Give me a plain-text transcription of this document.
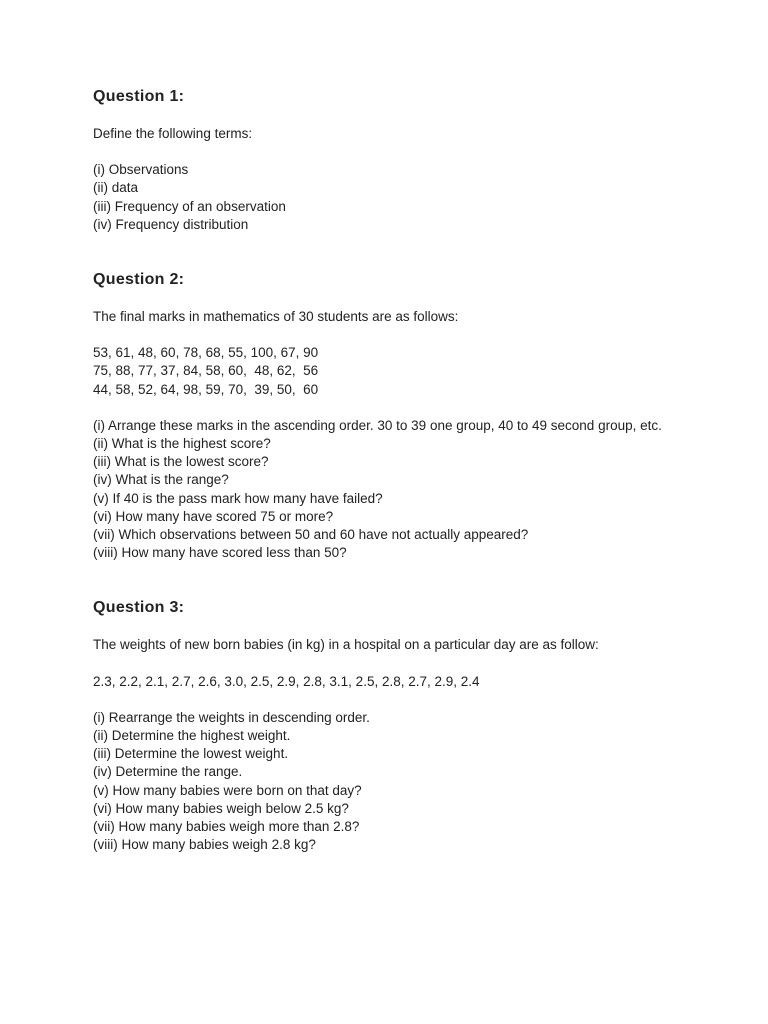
Question 1:

Define the following terms:

(i) Observations
(ii) data
(iii) Frequency of an observation
(iv) Frequency distribution
Question 2:

The final marks in mathematics of 30 students are as follows:

53, 61, 48, 60, 78, 68, 55, 100, 67, 90
75, 88, 77, 37, 84, 58, 60,  48, 62,  56
44, 58, 52, 64, 98, 59, 70,  39, 50,  60
(i) Arrange these marks in the ascending order. 30 to 39 one group, 40 to 49 second group, etc.
(ii) What is the highest score?
(iii) What is the lowest score?
(iv) What is the range?
(v) If 40 is the pass mark how many have failed?
(vi) How many have scored 75 or more?
(vii) Which observations between 50 and 60 have not actually appeared?
(viii) How many have scored less than 50?
Question 3:

The weights of new born babies (in kg) in a hospital on a particular day are as follow:

2.3, 2.2, 2.1, 2.7, 2.6, 3.0, 2.5, 2.9, 2.8, 3.1, 2.5, 2.8, 2.7, 2.9, 2.4

(i) Rearrange the weights in descending order.
(ii) Determine the highest weight.
(iii) Determine the lowest weight.
(iv) Determine the range.
(v) How many babies were born on that day?
(vi) How many babies weigh below 2.5 kg?
(vii) How many babies weigh more than 2.8?
(viii) How many babies weigh 2.8 kg?
